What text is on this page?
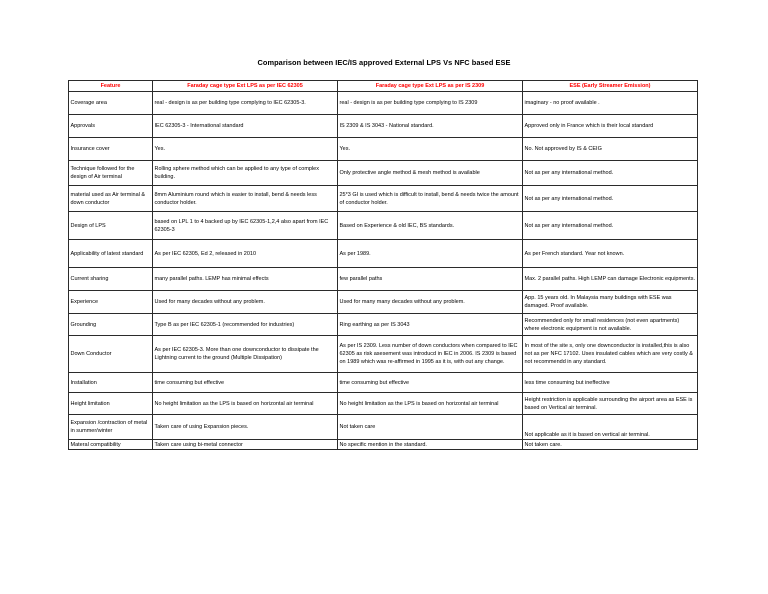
Comparison between IEC/IS approved External LPS Vs NFC based ESE
Feature	Faraday cage type Ext LPS as per IEC 62305	Faraday cage type Ext LPS as per IS 2309	ESE (Early Streamer Emission)
Coverage area	real - design is as per building type complying to IEC 62305-3.	real - design is as per building type complying to IS 2309	imaginary - no proof available .
Approvals	IEC 62305-3 - International standard	IS 2309 & IS 3043 - National standard.	Approved only in France which is their local standard
Insurance cover	Yes.	Yes.	No. Not approved by IS & CEIG
Technique followed for the design of Air terminal	Rolling sphere method which can be applied to any type of complex building.	Only protective angle method & mesh method is available	Not as per any international method.
material used as Air terminal & down conductor	8mm Aluminium round which is easier to install, bend & needs less conductor holder.	25*3 GI is used which is difficult to install, bend & needs twice the amount of conductor holder.	Not as per any international method.
Design of LPS	based on LPL 1 to 4 backed up by IEC 62305-1,2,4 also apart from IEC 62305-3	Based on Experience & old IEC, BS standards.	Not as per any international method.
Applicability of latest standard	As per IEC 62305, Ed 2, released in 2010	As per 1989.	As per French standard. Year not known.
Current sharing	many parallel paths. LEMP has minimal effects	few parallel paths	Max. 2 parallel paths. High LEMP can damage Electronic equipments.
Experience	Used for many decades without any problem.	Used for many many decades without any problem.	App. 15 years old. In Malaysia many buildings with ESE was damaged. Proof available.
Grounding	Type B as per IEC 62305-1 (recommended for industries)	Ring earthing as per IS 3043	Recommended only for small residences (not even apartments) where electronic equipment is not available.
Down Conductor	As per IEC 62305-3. More than one downconductor to dissipate the Lightning current to the ground (Multiple Dissipation)	As per IS 2309. Less number of down conductors when compared to IEC 62305 as risk asesement was introducd in IEC in 2006. IS 2309 is based on 1989 which was re-affirmed in 1995 as it is, with out any change.	In most of the site s, only one downconductor is installed,this is also not as per NFC 17102. Uses insulated cables which are very costly & not recommendd in any standard.
Installation	time consuming but effective	time consuming but effective	less time consuming but ineffective
Height limitation	No height limitation as the LPS is based on horizontal air terminal	No height limitation as the LPS is based on horizontal air terminal	Height restriction is applicable surrounding the airport area as ESE is based on Vertical air terminal.
Expansion /contraction of metal in summer/winter	Taken care of using Expansion pieces.	Not taken care	Not applicable as it is based on vertical air terminal.
Materal compatibility	Taken care using bi-metal connector	No specific mention in the standard.	Not taken care.
